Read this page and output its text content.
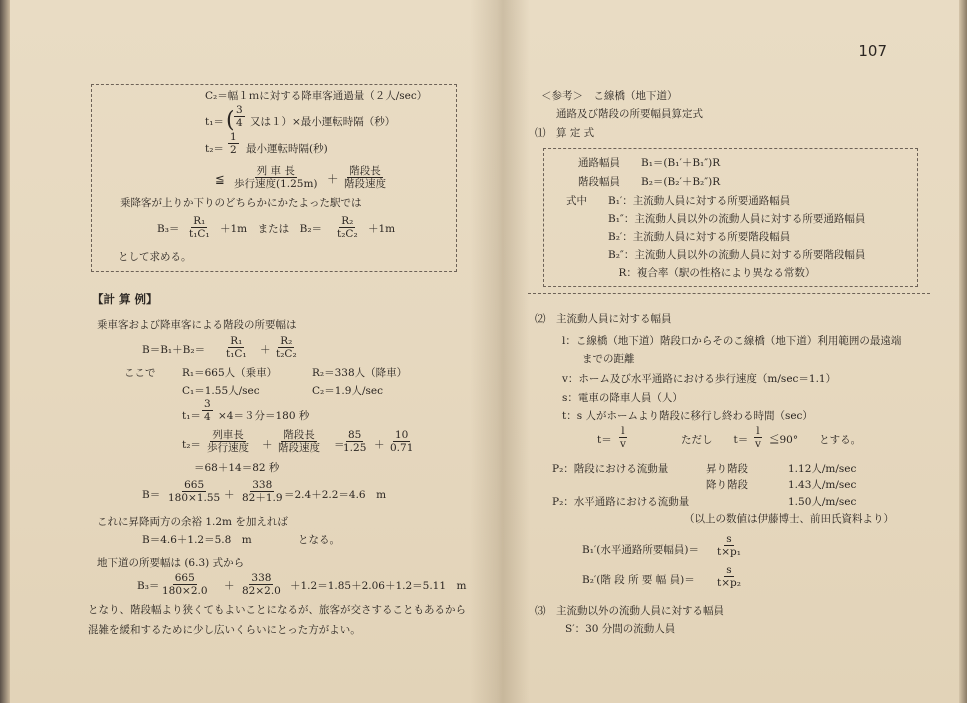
107
C₂＝幅１ｍに対する降車客通過量（２人/sec）
t₁＝ ( $\frac{3}{4}$ 又は１）×最小運転時隔（秒）
$t_2= \frac{1}{2}$ 最小運転時隔(秒)
≦
列 車 長
歩行速度(1.25m) ＋
階段長
階段速度
乗降客が上りか下りのどちらかにかたよった駅では
$B_3= \frac{\text{R₁}}{\text{t₁C₁}} +1m$　または　$B_2= \frac{\text{R₂}}{\text{t₂C₂}} +1m$
として求める。
【計 算 例】
乗車客および降車客による階段の所要幅は
$B=B_1+B_2= \frac{\text{R₁}}{\text{t₁C₁}} + \frac{\text{R₂}}{\text{t₂C₂}}$
ここで	R₁＝665人（乗車）	R₂＝338人（降車）
C₁＝1.55人/sec	C₂＝1.9人/sec
$t_1= \frac{3}{4} \times 4=3$分＝180 秒
t₂＝
列車長
歩行速度 ＋
階段長
階段速度 ＝
$\frac{85}{1.25} + \frac{10}{0.71}$
＝68＋14＝82 秒
$B= \frac{665}{180\times 1.55} + \frac{338}{82+1.9} =2.4+2.2=4.6$　m
これに昇降両方の余裕 1.2m を加えれば
B＝4.6＋1.2＝5.8　m	となる。
地下道の所要幅は (6.3) 式から
$B_3= \frac{665}{180\times 2.0} + \frac{338}{82\times 2.0} +1.2=1.85+2.06+1.2=5.11$　m
となり、階段幅より狭くてもよいことになるが、旅客が交さすることもあるから
混雑を緩和するために少し広いくらいにとった方がよい。
＜参考＞　こ線橋（地下道）
通路及び階段の所要幅員算定式
⑴　算 定 式
通路幅員　　B₁＝(B₁′＋B₁″)R
階段幅員　　B₂＝(B₂′＋B₂″)R
式中　　B₁′：主流動人員に対する所要通路幅員
　　　　B₁″：主流動人員以外の流動人員に対する所要通路幅員
　　　　B₂′：主流動人員に対する所要階段幅員
　　　　B₂″：主流動人員以外の流動人員に対する所要階段幅員
　　　　　R：複合率（駅の性格により異なる常数）
⑵　主流動人員に対する幅員
l：こ線橋（地下道）階段口からそのこ線橋（地下道）利用範囲の最遠端
までの距離
v：ホーム及び水平通路における歩行速度（m/sec＝1.1）
s：電車の降車人員（人）
t：s 人がホームより階段に移行し終わる時間（sec）
$t= \frac{l}{v}$	ただし　　$t= \frac{l}{v}$ ≦90°　　とする。
P₂：階段における流動量	昇り階段	1.12人/m/sec
降り階段	1.43人/m/sec
P₂：水平通路における流動量	1.50人/m/sec
（以上の数値は伊藤博士、前田氏資料より）
B₁′(水平通路所要幅員)＝ $\frac{s}{\text{t×p₁}}$
B₂′(階 段 所 要 幅 員)＝ $\frac{s}{\text{t×p₂}}$
⑶　主流動以外の流動人員に対する幅員
S′：30 分間の流動人員
